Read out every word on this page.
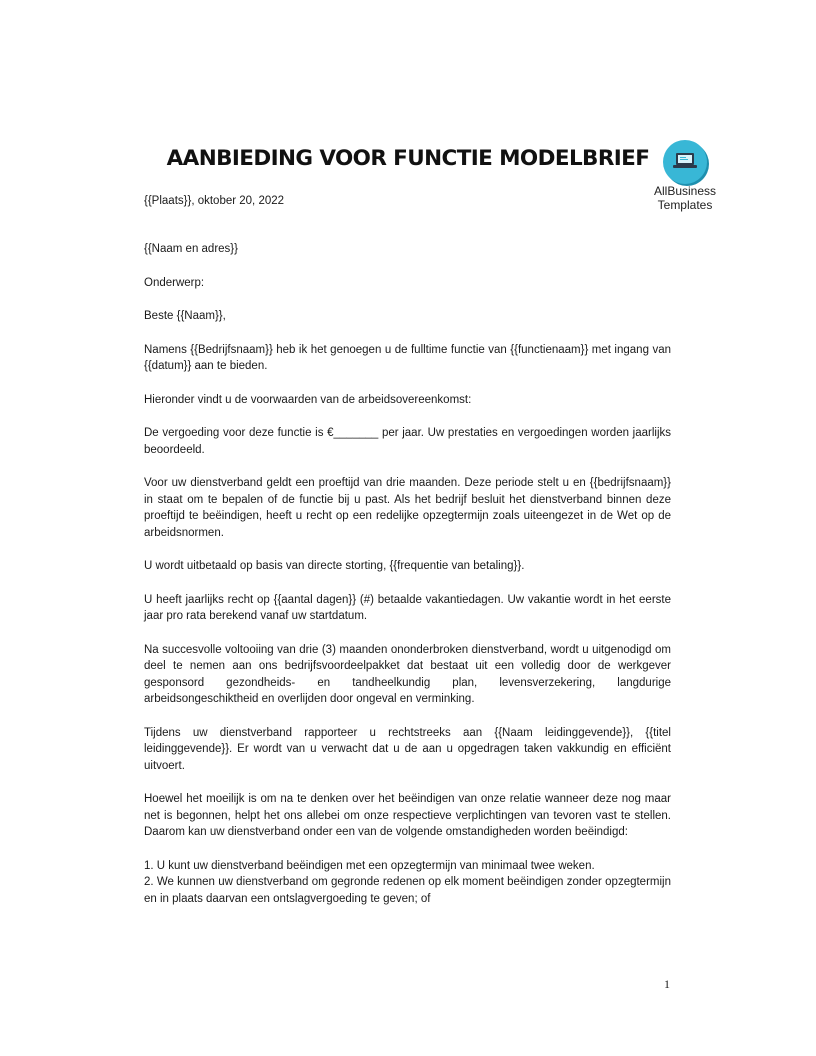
AANBIEDING VOOR FUNCTIE MODELBRIEF
AllBusiness
Templates

{{Plaats}}, oktober 20, 2022

{{Naam en adres}}

Onderwerp:

Beste {{Naam}},

Namens {{Bedrijfsnaam}} heb ik het genoegen u de fulltime functie van {{functienaam}} met ingang van {{datum}} aan te bieden.

Hieronder vindt u de voorwaarden van de arbeidsovereenkomst:

De vergoeding voor deze functie is €_______ per jaar. Uw prestaties en vergoedingen worden jaarlijks beoordeeld.

Voor uw dienstverband geldt een proeftijd van drie maanden. Deze periode stelt u en {{bedrijfsnaam}} in staat om te bepalen of de functie bij u past. Als het bedrijf besluit het dienstverband binnen deze proeftijd te beëindigen, heeft u recht op een redelijke opzegtermijn zoals uiteengezet in de Wet op de arbeidsnormen.

U wordt uitbetaald op basis van directe storting, {{frequentie van betaling}}.

U heeft jaarlijks recht op {{aantal dagen}} (#) betaalde vakantiedagen. Uw vakantie wordt in het eerste jaar pro rata berekend vanaf uw startdatum.

Na succesvolle voltooiing van drie (3) maanden ononderbroken dienstverband, wordt u uitgenodigd om deel te nemen aan ons bedrijfsvoordeelpakket dat bestaat uit een volledig door de werkgever gesponsord gezondheids- en tandheelkundig plan, levensverzekering, langdurige arbeidsongeschiktheid en overlijden door ongeval en verminking.

Tijdens uw dienstverband rapporteer u rechtstreeks aan {{Naam leidinggevende}}, {{titel leidinggevende}}. Er wordt van u verwacht dat u de aan u opgedragen taken vakkundig en efficiënt uitvoert.

Hoewel het moeilijk is om na te denken over het beëindigen van onze relatie wanneer deze nog maar net is begonnen, helpt het ons allebei om onze respectieve verplichtingen van tevoren vast te stellen. Daarom kan uw dienstverband onder een van de volgende omstandigheden worden beëindigd:

1. U kunt uw dienstverband beëindigen met een opzegtermijn van minimaal twee weken.

2. We kunnen uw dienstverband om gegronde redenen op elk moment beëindigen zonder opzegtermijn en in plaats daarvan een ontslagvergoeding te geven; of

1
